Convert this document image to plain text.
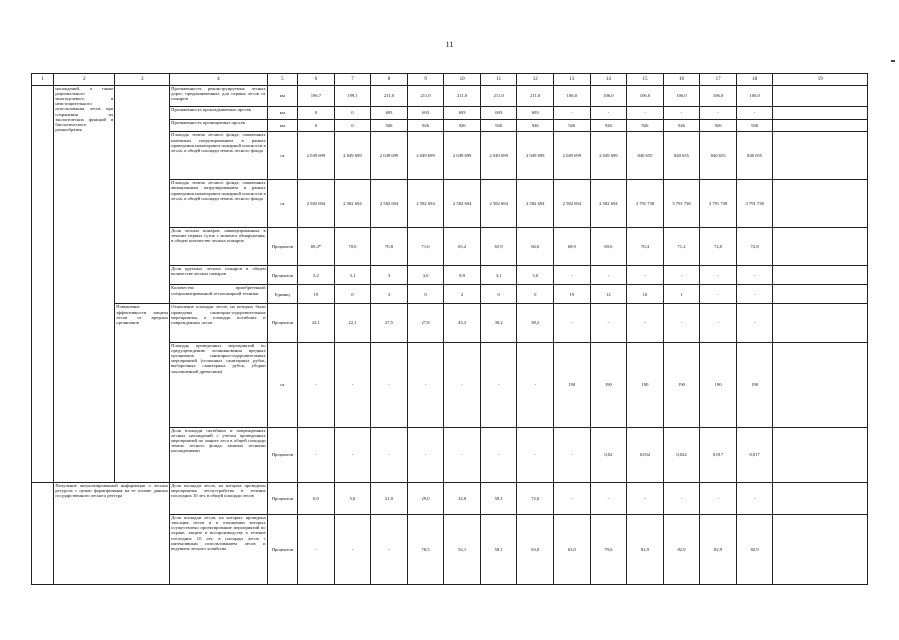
11
1	2	3	4	5	6	7	8	9	10	11	12	13	14	15	16	17	18	19
	насаждений, а также рационального многоцелевого и неистощительного использования лесов при сохранении их экологических функций и биологического разнообразия		Протяженность реконструируемых лесных дорог, предназначенных для охраны лесов от пожаров	км	196,7	199,1	211,0	211,0	211,0	211,0	211,0	106,0	106,0	106,0	106,0	106,0	106,0	
			Протяженность прокладываемых просек	км	0	0	693	693	693	693	693	-	-	-	-	-	-	
			Протяженность прочищаемых просек	км	0	0	926	926	926	926	926	926	926	926	926	926	926	
			Площадь земель лесного фонда, охваченных наземным патрулированием в рамках проведения мониторинга пожарной опасности в лесах, в общей площади земель лесного фонда	га	2 049 699	2 049 699	2 049 699	2 049 699	2 049 699	2 049 699	2 049 699	2 049 699	2 049 699	840 655	840 655	840 655	840 655	
			Площадь земель лесного фонда, охваченных авиационным патрулированием в рамках проведения мониторинга пожарной опасности в лесах, в общей площади земель лесного фонда	га	2 582 694	2 582 694	2 582 694	2 582 694	2 582 694	2 582 694	2 582 694	2 582 694	2 582 694	3 791 738	3 791 738	3 791 738	3 791 738	
			Доля лесных пожаров, ликвидированных в течение первых суток с момента обнаружения, в общем количестве лесных пожаров	Процентов	69,4*	70,0	70,8	71,6	65,2	65,9	66,6	68,9	69,6	70,4	71,2	72,0	72,8	
			Доля крупных лесных пожаров в общем количестве лесных пожаров	Процентов	3,2	3,1	3	3,0	8,9	3,1	3,0	-	-	-	-	-	-	
			Количество приобретенной специализированной лесопожарной техники	Единиц	19	0	3	0	2	0	0	19	12	16	1	-	-	
		Повышение эффективности защиты лесов от вредных организмов	Отношение площади лесов, на которых были проведены санитарно-оздоровительные мероприятия, к площади погибших и поврежденных лесов	Процентов	22,1	22,1	27,5	27,8	43,3	38,2	38,2	-	-	-	-	-	-	
			Площадь проведенных мероприятий по предупреждению возникновения вредных организмов: санитарно-оздоровительных мероприятий (сплошных санитарных рубок, выборочных санитарных рубок, уборки захламленной древесины)	га	-	-	-	-	-	-	-	190	190	190	190	190	190	
			Доля площади погибших и поврежденных лесных насаждений с учетом проведенных мероприятий по защите леса в общей площади земель лесного фонда, занятых лесными насаждениями	Процентов	-	-	-	-	-	-	-	-	0,02	0,032	0,024	0,017	0,017	
	Получение актуализированной информации о лесных ресурсах с целью формирования на ее основе данных государственного лесного реестра		Доля площади лесов, на которых проведены мероприятия лесоустройства в течение последних 10 лет, в общей площади лесов	Процентов	0,0	5,0	21,0	29,0	32,0	58,1	72,0	-	-	-	-	-	-	
			Доля площади лесов, на которых проведена таксация лесов и в отношении которых осуществлено проектирование мероприятий по охране, защите и воспроизводству в течение последних 10 лет, в площади лесов с интенсивным использованием лесов и ведением лесного хозяйства	Процентов	-	-	-	78,5	54,1	58,1	63,0	63,0	79,6	82,9	82,9	82,9	82,9	
